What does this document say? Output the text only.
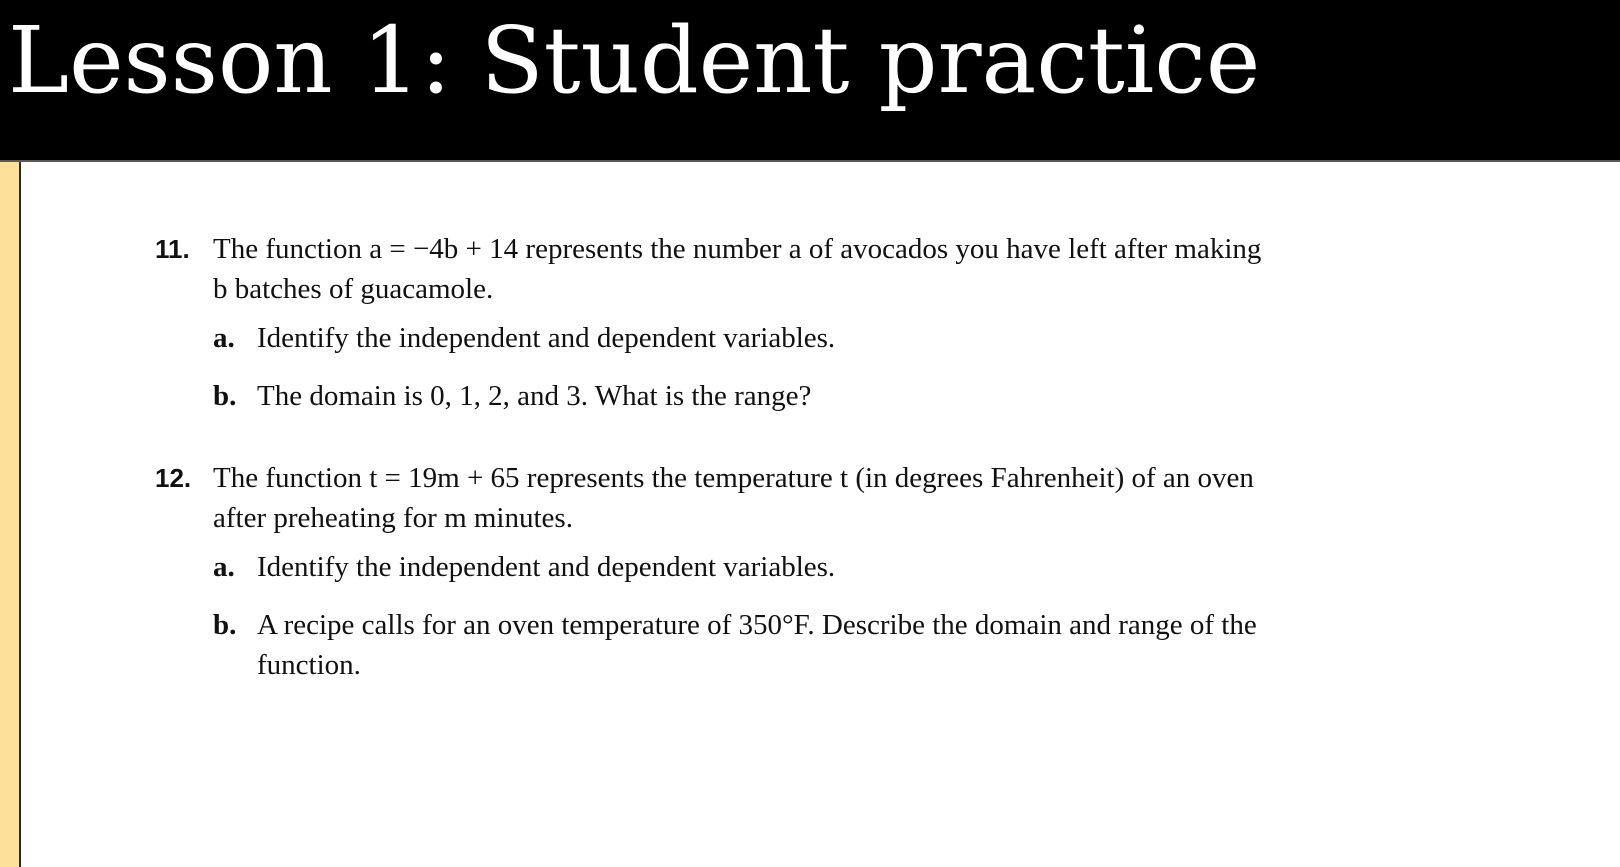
Lesson 1: Student practice
11. The function a = −4b + 14 represents the number a of avocados you have left after making b batches of guacamole.
a. Identify the independent and dependent variables.
b. The domain is 0, 1, 2, and 3. What is the range?
12. The function t = 19m + 65 represents the temperature t (in degrees Fahrenheit) of an oven after preheating for m minutes.
a. Identify the independent and dependent variables.
b. A recipe calls for an oven temperature of 350°F. Describe the domain and range of the function.
